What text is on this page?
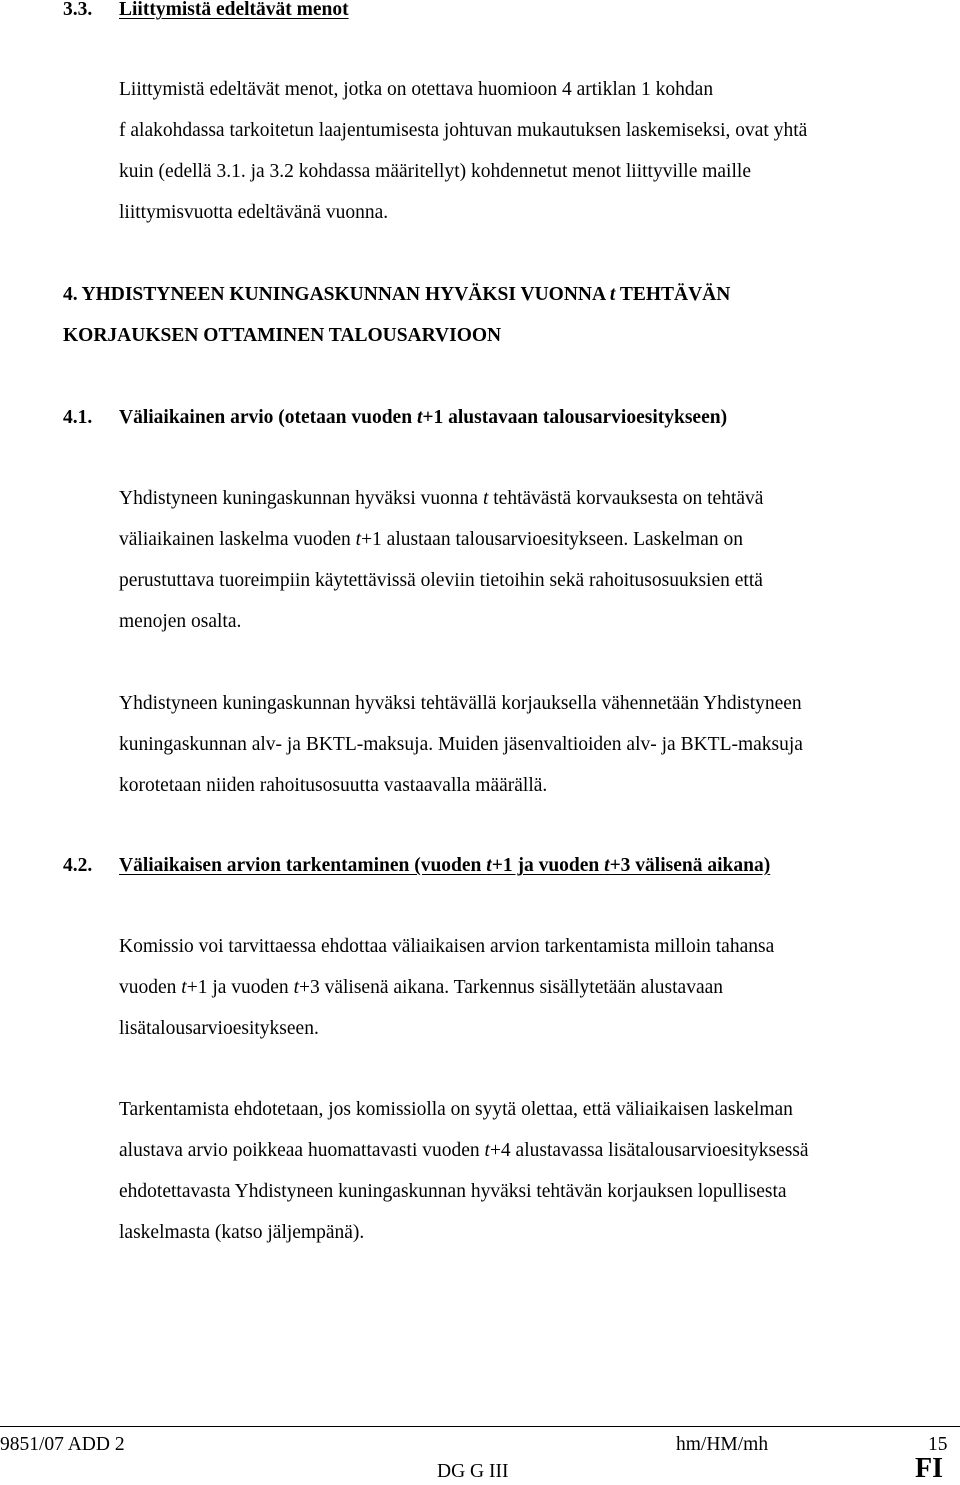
3.3. Liittymistä edeltävät menot
Liittymistä edeltävät menot, jotka on otettava huomioon 4 artiklan 1 kohdan
f alakohdassa tarkoitetun laajentumisesta johtuvan mukautuksen laskemiseksi, ovat yhtä
kuin (edellä 3.1. ja 3.2 kohdassa määritellyt) kohdennetut menot liittyville maille
liittymisvuotta edeltävänä vuonna.
4. YHDISTYNEEN KUNINGASKUNNAN HYVÄKSI VUONNA t TEHTÄVÄN
KORJAUKSEN OTTAMINEN TALOUSARVIOON
4.1. Väliaikainen arvio (otetaan vuoden t+1 alustavaan talousarvioesitykseen)
Yhdistyneen kuningaskunnan hyväksi vuonna t tehtävästä korvauksesta on tehtävä
väliaikainen laskelma vuoden t+1 alustaan talousarvioesitykseen. Laskelman on
perustuttava tuoreimpiin käytettävissä oleviin tietoihin sekä rahoitusosuuksien että
menojen osalta.
Yhdistyneen kuningaskunnan hyväksi tehtävällä korjauksella vähennetään Yhdistyneen
kuningaskunnan alv- ja BKTL-maksuja. Muiden jäsenvaltioiden alv- ja BKTL-maksuja
korotetaan niiden rahoitusosuutta vastaavalla määrällä.
4.2. Väliaikaisen arvion tarkentaminen (vuoden t+1 ja vuoden t+3 välisenä aikana)
Komissio voi tarvittaessa ehdottaa väliaikaisen arvion tarkentamista milloin tahansa
vuoden t+1 ja vuoden t+3 välisenä aikana. Tarkennus sisällytetään alustavaan
lisätalousarvioesitykseen.
Tarkentamista ehdotetaan, jos komissiolla on syytä olettaa, että väliaikaisen laskelman
alustava arvio poikkeaa huomattavasti vuoden t+4 alustavassa lisätalousarvioesityksessä
ehdotettavasta Yhdistyneen kuningaskunnan hyväksi tehtävän korjauksen lopullisesta
laskelmasta (katso jäljempänä).
9851/07 ADD 2	hm/HM/mh	15
DG G III	FI
